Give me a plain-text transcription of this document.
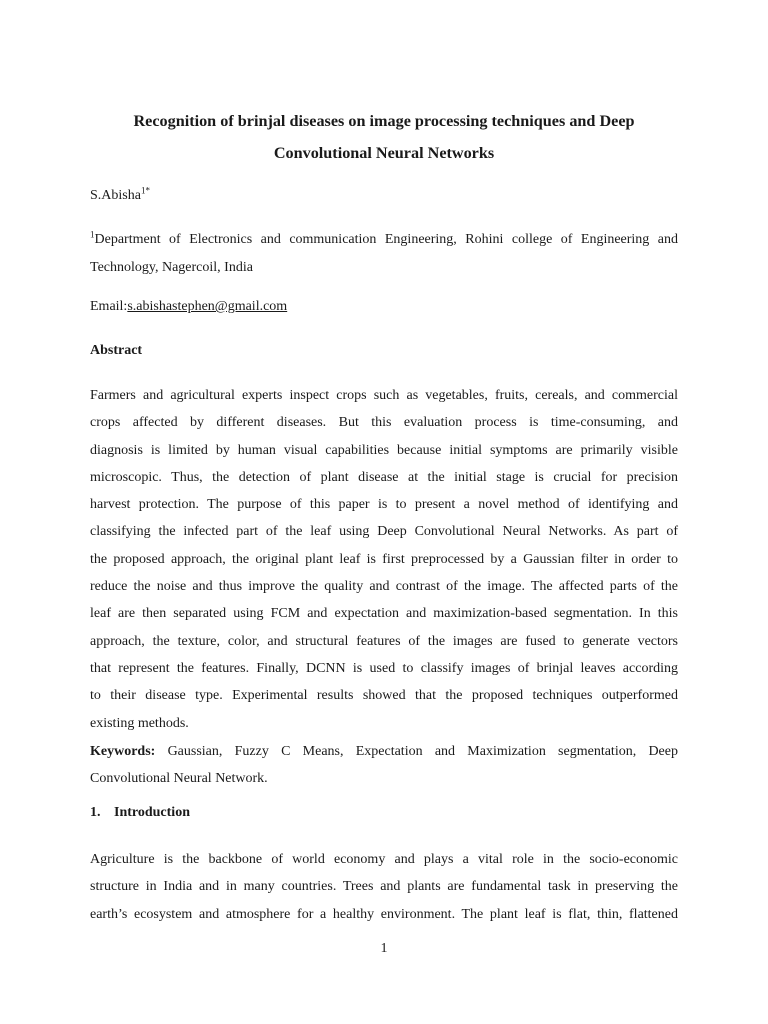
Recognition of brinjal diseases on image processing techniques and Deep
Convolutional Neural Networks
S.Abisha$^{1*}$
$^1$Department of Electronics and communication Engineering, Rohini college of Engineering and
Technology, Nagercoil, India
Email:s.abishastephen@gmail.com
Abstract
Farmers and agricultural experts inspect crops such as vegetables, fruits, cereals, and commercial
crops affected by different diseases. But this evaluation process is time-consuming, and
diagnosis is limited by human visual capabilities because initial symptoms are primarily visible
microscopic. Thus, the detection of plant disease at the initial stage is crucial for precision
harvest protection. The purpose of this paper is to present a novel method of identifying and
classifying the infected part of the leaf using Deep Convolutional Neural Networks. As part of
the proposed approach, the original plant leaf is first preprocessed by a Gaussian filter in order to
reduce the noise and thus improve the quality and contrast of the image. The affected parts of the
leaf are then separated using FCM and expectation and maximization-based segmentation. In this
approach, the texture, color, and structural features of the images are fused to generate vectors
that represent the features. Finally, DCNN is used to classify images of brinjal leaves according
to their disease type. Experimental results showed that the proposed techniques outperformed
existing methods.
Keywords: Gaussian, Fuzzy C Means, Expectation and Maximization segmentation, Deep
Convolutional Neural Network.
1. Introduction
Agriculture is the backbone of world economy and plays a vital role in the socio-economic
structure in India and in many countries. Trees and plants are fundamental task in preserving the
earth’s ecosystem and atmosphere for a healthy environment. The plant leaf is flat, thin, flattened
1
